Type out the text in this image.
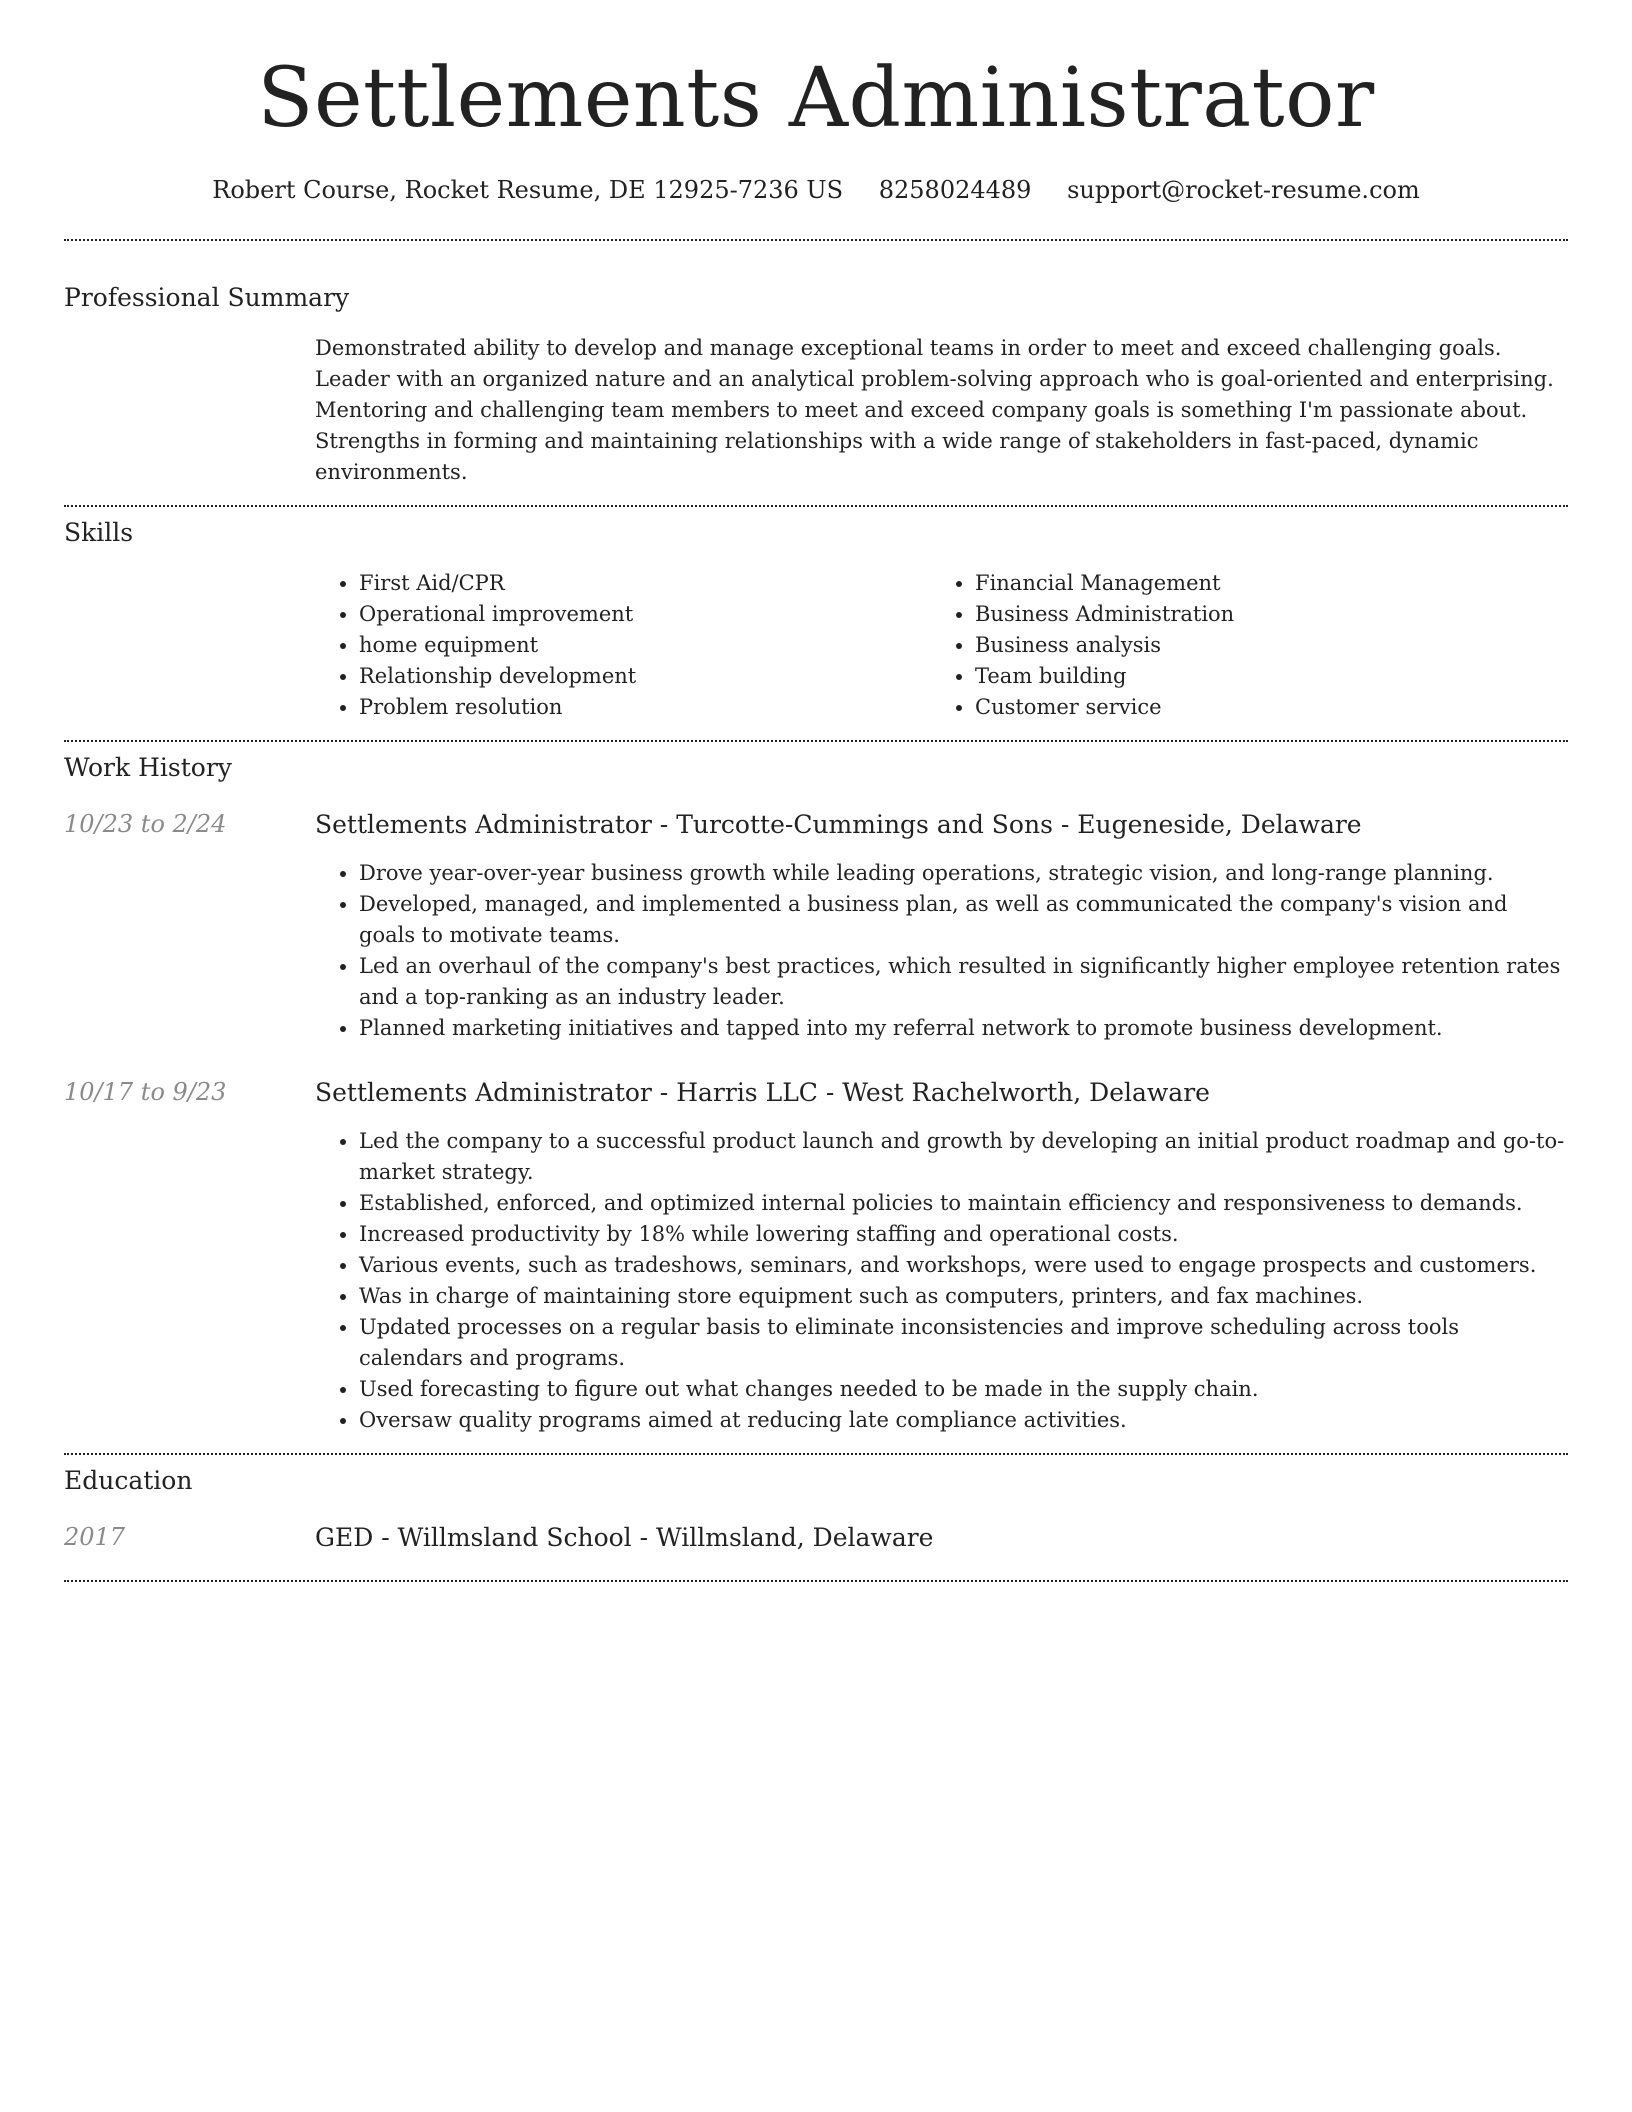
Settlements Administrator
Robert Course, Rocket Resume, DE 12925-7236 US 8258024489 support@rocket-resume.com
Professional Summary

Demonstrated ability to develop and manage exceptional teams in order to meet and exceed challenging goals. Leader with an organized nature and an analytical problem-solving approach who is goal-oriented and enterprising. Mentoring and challenging team members to meet and exceed company goals is something I'm passionate about. Strengths in forming and maintaining relationships with a wide range of stakeholders in fast-paced, dynamic environments.

Skills
• First Aid/CPR
• Operational improvement
• home equipment
• Relationship development
• Problem resolution
• Financial Management
• Business Administration
• Business analysis
• Team building
• Customer service
Work History
10/23 to 2/24	Settlements Administrator - Turcotte-Cummings and Sons - Eugeneside, Delaware
• Drove year-over-year business growth while leading operations, strategic vision, and long-range planning.
• Developed, managed, and implemented a business plan, as well as communicated the company's vision and goals to motivate teams.
• Led an overhaul of the company's best practices, which resulted in significantly higher employee retention rates and a top-ranking as an industry leader.
• Planned marketing initiatives and tapped into my referral network to promote business development.
10/17 to 9/23	Settlements Administrator - Harris LLC - West Rachelworth, Delaware
• Led the company to a successful product launch and growth by developing an initial product roadmap and go-to-market strategy.
• Established, enforced, and optimized internal policies to maintain efficiency and responsiveness to demands.
• Increased productivity by 18% while lowering staffing and operational costs.
• Various events, such as tradeshows, seminars, and workshops, were used to engage prospects and customers.
• Was in charge of maintaining store equipment such as computers, printers, and fax machines.
• Updated processes on a regular basis to eliminate inconsistencies and improve scheduling across tools calendars and programs.
• Used forecasting to figure out what changes needed to be made in the supply chain.
• Oversaw quality programs aimed at reducing late compliance activities.
Education
2017	GED - Willmsland School - Willmsland, Delaware
